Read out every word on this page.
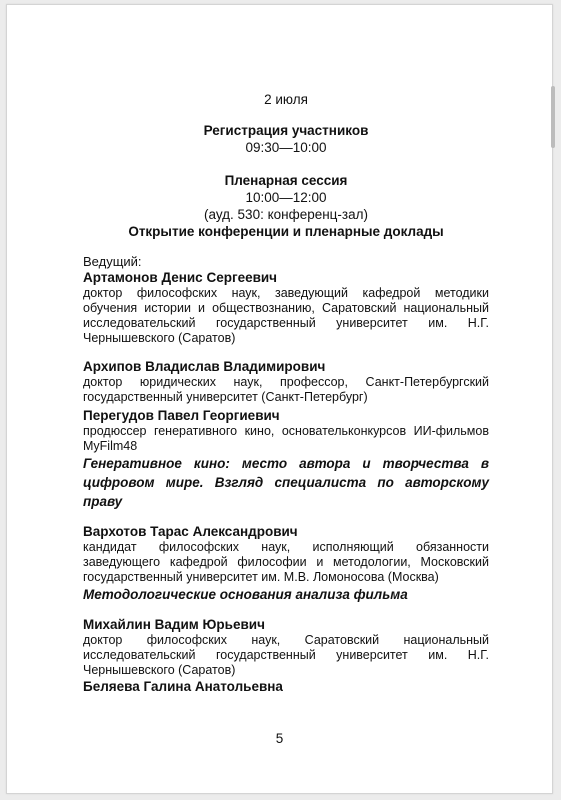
2 июля
Регистрация участников
09:30—10:00
Пленарная сессия
10:00—12:00
(ауд. 530: конференц-зал)
Открытие конференции и пленарные доклады
Ведущий:
Артамонов Денис Сергеевич
доктор философских наук, заведующий кафедрой методики обучения истории и обществознанию, Саратовский национальный исследовательский государственный университет им. Н.Г. Чернышевского (Саратов)
Архипов Владислав Владимирович
доктор юридических наук, профессор, Санкт-Петербургский государственный университет (Санкт-Петербург)
Перегудов Павел Георгиевич
продюссер генеративного кино, основательконкурсов ИИ-фильмов MyFilm48
Генеративное кино: место автора и творчества в цифровом мире. Взгляд специалиста по авторскому праву
Вархотов Тарас Александрович
кандидат философских наук, исполняющий обязанности заведующего кафедрой философии и методологии, Московский государственный университет им. М.В. Ломоносова (Москва)
Методологические основания анализа фильма
Михайлин Вадим Юрьевич
доктор философских наук, Саратовский национальный исследовательский государственный университет им. Н.Г. Чернышевского (Саратов)
Беляева Галина Анатольевна
5
